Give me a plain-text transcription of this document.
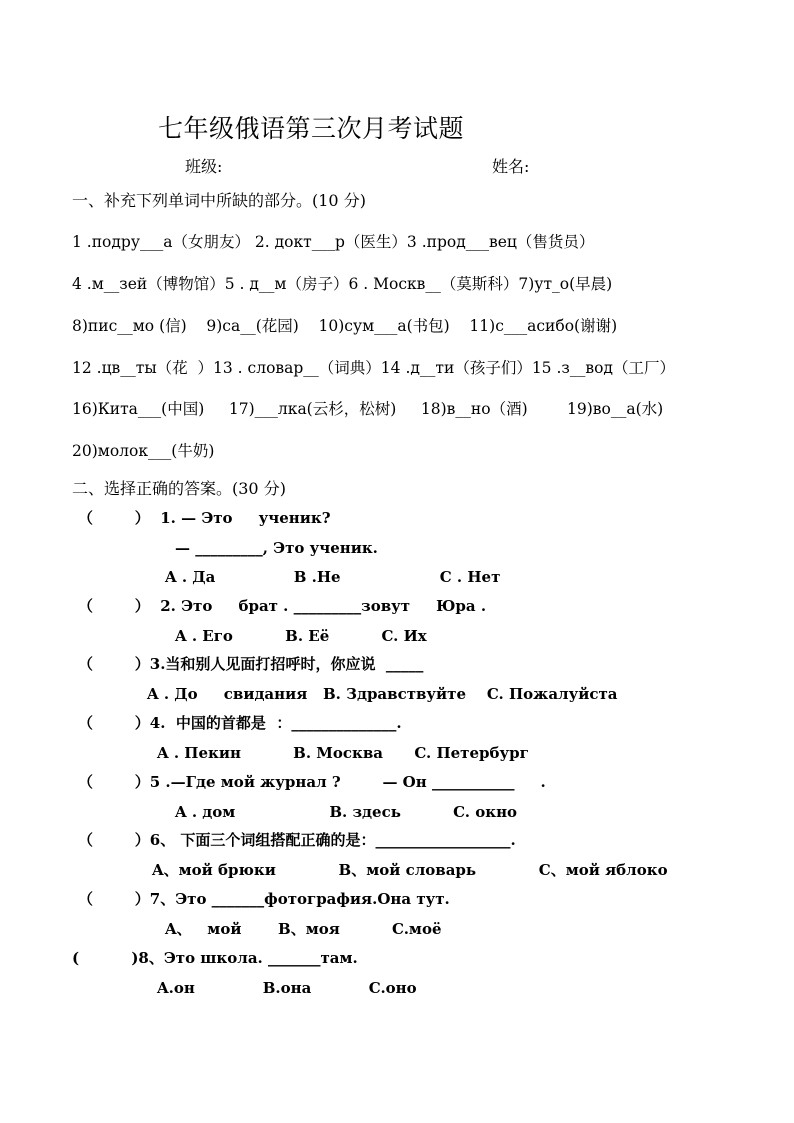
七年级俄语第三次月考试题
班级:	姓名:
一、补充下列单词中所缺的部分。(10 分)
1 .подру___a（女朋友） 2. докт___р（医生）3 .прод___вец（售货员）
4 .м__зей（博物馆）5 . д__м（房子）6 . Москв__（莫斯科）7)ут_о(早晨)
8)пис__мо (信)    9)са__(花园)    10)сум___а(书包)    11)с___асибо(谢谢)
12 .цв__ты（花  ）13 . словар__（词典）14 .д__ти（孩子们）15 .з__вод（工厂）
16)Кита___(中国)     17)___лка(云杉，松树)     18)в__но（酒)        19)во__а(水)
20)молок___(牛奶)
二、选择正确的答案。(30 分)
（        ）  1. — Это     ученик?
— _________, Это ученик.
A . Да               B .Не                   C . Нет
（        ）  2. Это     брат . _________зовут     Юра .
A . Его          B. Её          C. Их
（        ）3.当和别人见面打招呼时，你应说  _____
A . До     свидания   B. Здравствуйте    C. Пожалуйста
（        ）4.  中国的首都是  ：______________.
A . Пекин          B. Москва      C. Петербург
（        ）5 .—Где мой журнал ?        — Он ___________     .
A . дом                  B. здесь          C. окно
（        ）6、 下面三个词组搭配正确的是：__________________.
A、мой брюки            B、мой словарь            C、мой яблоко
（        ）7、Это _______фотография.Она тут.
A、   мой       B、моя          C.моё
(          )8、Это школа. _______там.
A.он             B.она           C.оно
